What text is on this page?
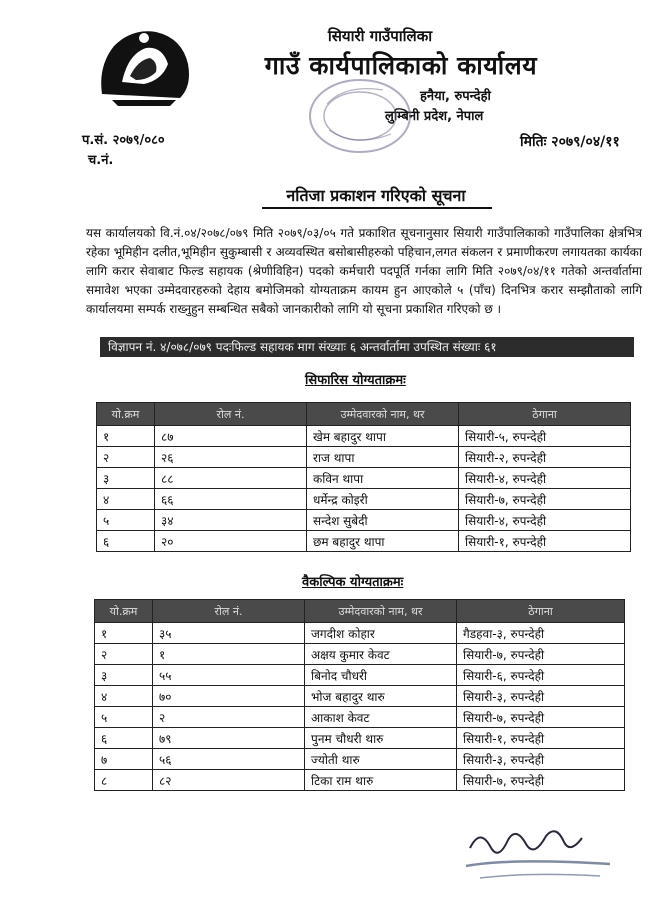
सियारी गाउँपालिका
गाउँ कार्यपालिकाको कार्यालय
हनैया, रुपन्देही
लुम्बिनी प्रदेश, नेपाल
प.सं. २०७९/०८०
च.नं.
मितिः २०७९/०४/११
नतिजा प्रकाशन गरिएको सूचना
यस कार्यालयको वि.नं.०४/२०७८/०७९ मिति २०७९/०३/०५ गते प्रकाशित सूचनानुसार सियारी गाउँपालिकाको गाउँपालिका क्षेत्रभित्र रहेका भूमिहीन दलीत,भूमिहीन सुकुम्बासी र अव्यवस्थित बसोबासीहरुको पहिचान,लगत संकलन र प्रमाणीकरण लगायतका कार्यका लागि करार सेवाबाट फिल्ड सहायक (श्रेणीविहिन) पदको कर्मचारी पदपूर्ति गर्नका लागि मिति २०७९/०४/११ गतेको अन्तर्वार्तामा समावेश भएका उम्मेदवारहरुको देहाय बमोजिमको योग्यताक्रम कायम हुन आएकोले ५ (पाँच) दिनभित्र करार सम्झौताको लागि कार्यालयमा सम्पर्क राख्नुहुन सम्बन्धित सबैको जानकारीको लागि यो सूचना प्रकाशित गरिएको छ ।
विज्ञापन नं. ४/०७८/०७९ पदःफिल्ड सहायक माग संख्याः ६ अन्तर्वार्तामा उपस्थित संख्याः ६१
सिफारिस योग्यताक्रमः
यो.क्रम	रोल नं.	उम्मेदवारको नाम, थर	ठेगाना
१	८७	खेम बहादुर थापा	सियारी-५, रुपन्देही
२	२६	राज थापा	सियारी-२, रुपन्देही
३	८८	कविन थापा	सियारी-४, रुपन्देही
४	६६	धर्मेन्द्र कोइरी	सियारी-७, रुपन्देही
५	३४	सन्देश सुबेदी	सियारी-४, रुपन्देही
६	२०	छम बहादुर थापा	सियारी-१, रुपन्देही
वैकल्पिक योग्यताक्रमः
यो.क्रम	रोल नं.	उम्मेदवारको नाम, थर	ठेगाना
१	३५	जगदीश कोहार	गैडहवा-३, रुपन्देही
२	१	अक्षय कुमार केवट	सियारी-७, रुपन्देही
३	५५	बिनोद चौधरी	सियारी-६, रुपन्देही
४	७०	भोज बहादुर थारु	सियारी-३, रुपन्देही
५	२	आकाश केवट	सियारी-७, रुपन्देही
६	७९	पुनम चौधरी थारु	सियारी-१, रुपन्देही
७	५६	ज्योती थारु	सियारी-३, रुपन्देही
८	८२	टिका राम थारु	सियारी-७, रुपन्देही
